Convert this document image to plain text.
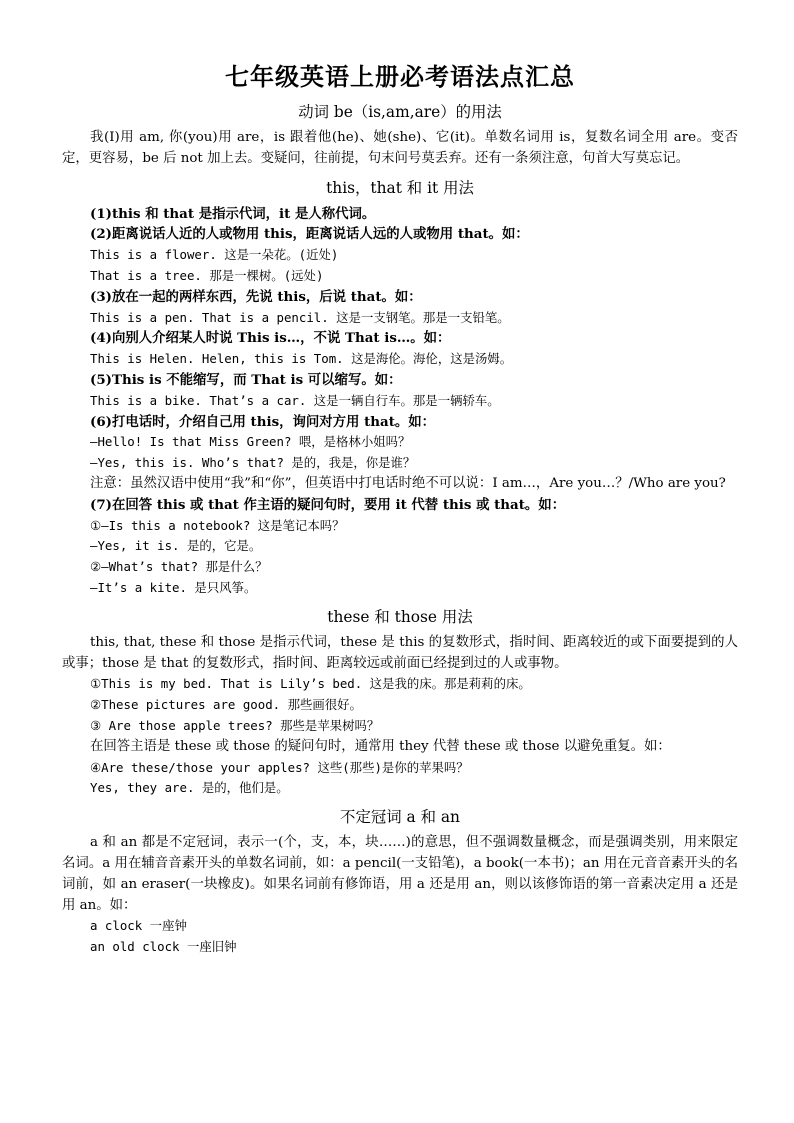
七年级英语上册必考语法点汇总
动词 be（is,am,are）的用法

我(I)用 am, 你(you)用 are，is 跟着他(he)、她(she)、它(it)。单数名词用 is，复数名词全用 are。变否定，更容易，be 后 not 加上去。变疑问，往前提，句末问号莫丢弃。还有一条须注意，句首大写莫忘记。

this，that 和 it 用法

(1)this 和 that 是指示代词，it 是人称代词。

(2)距离说话人近的人或物用 this，距离说话人远的人或物用 that。如：

This is a flower. 这是一朵花。(近处)

That is a tree. 那是一棵树。(远处)

(3)放在一起的两样东西，先说 this，后说 that。如：

This is a pen. That is a pencil. 这是一支钢笔。那是一支铅笔。

(4)向别人介绍某人时说 This is…，不说 That is…。如：

This is Helen. Helen, this is Tom. 这是海伦。海伦，这是汤姆。

(5)This is 不能缩写，而 That is 可以缩写。如：

This is a bike. That’s a car. 这是一辆自行车。那是一辆轿车。

(6)打电话时，介绍自己用 this，询问对方用 that。如：

—Hello! Is that Miss Green? 喂，是格林小姐吗？

—Yes, this is. Who’s that? 是的，我是，你是谁？

注意：虽然汉语中使用“我”和“你”，但英语中打电话时绝不可以说：I am…，Are you…？/Who are you?

(7)在回答 this 或 that 作主语的疑问句时，要用 it 代替 this 或 that。如：

①—Is this a notebook? 这是笔记本吗？

—Yes, it is. 是的，它是。

②—What’s that? 那是什么？

—It’s a kite. 是只风筝。

these 和 those 用法

this, that, these 和 those 是指示代词，these 是 this 的复数形式，指时间、距离较近的或下面要提到的人或事；those 是 that 的复数形式，指时间、距离较远或前面已经提到过的人或事物。

①This is my bed. That is Lily’s bed. 这是我的床。那是莉莉的床。

②These pictures are good. 那些画很好。

③ Are those apple trees? 那些是苹果树吗？

在回答主语是 these 或 those 的疑问句时，通常用 they 代替 these 或 those 以避免重复。如：

④Are these/those your apples? 这些(那些)是你的苹果吗？

Yes, they are. 是的，他们是。

不定冠词 a 和 an

a 和 an 都是不定冠词，表示一(个，支，本，块……)的意思，但不强调数量概念，而是强调类别，用来限定名词。a 用在辅音音素开头的单数名词前，如：a pencil(一支铅笔)，a book(一本书)；an 用在元音音素开头的名词前，如 an eraser(一块橡皮)。如果名词前有修饰语，用 a 还是用 an，则以该修饰语的第一音素决定用 a 还是用 an。如：

a clock 一座钟

an old clock 一座旧钟
